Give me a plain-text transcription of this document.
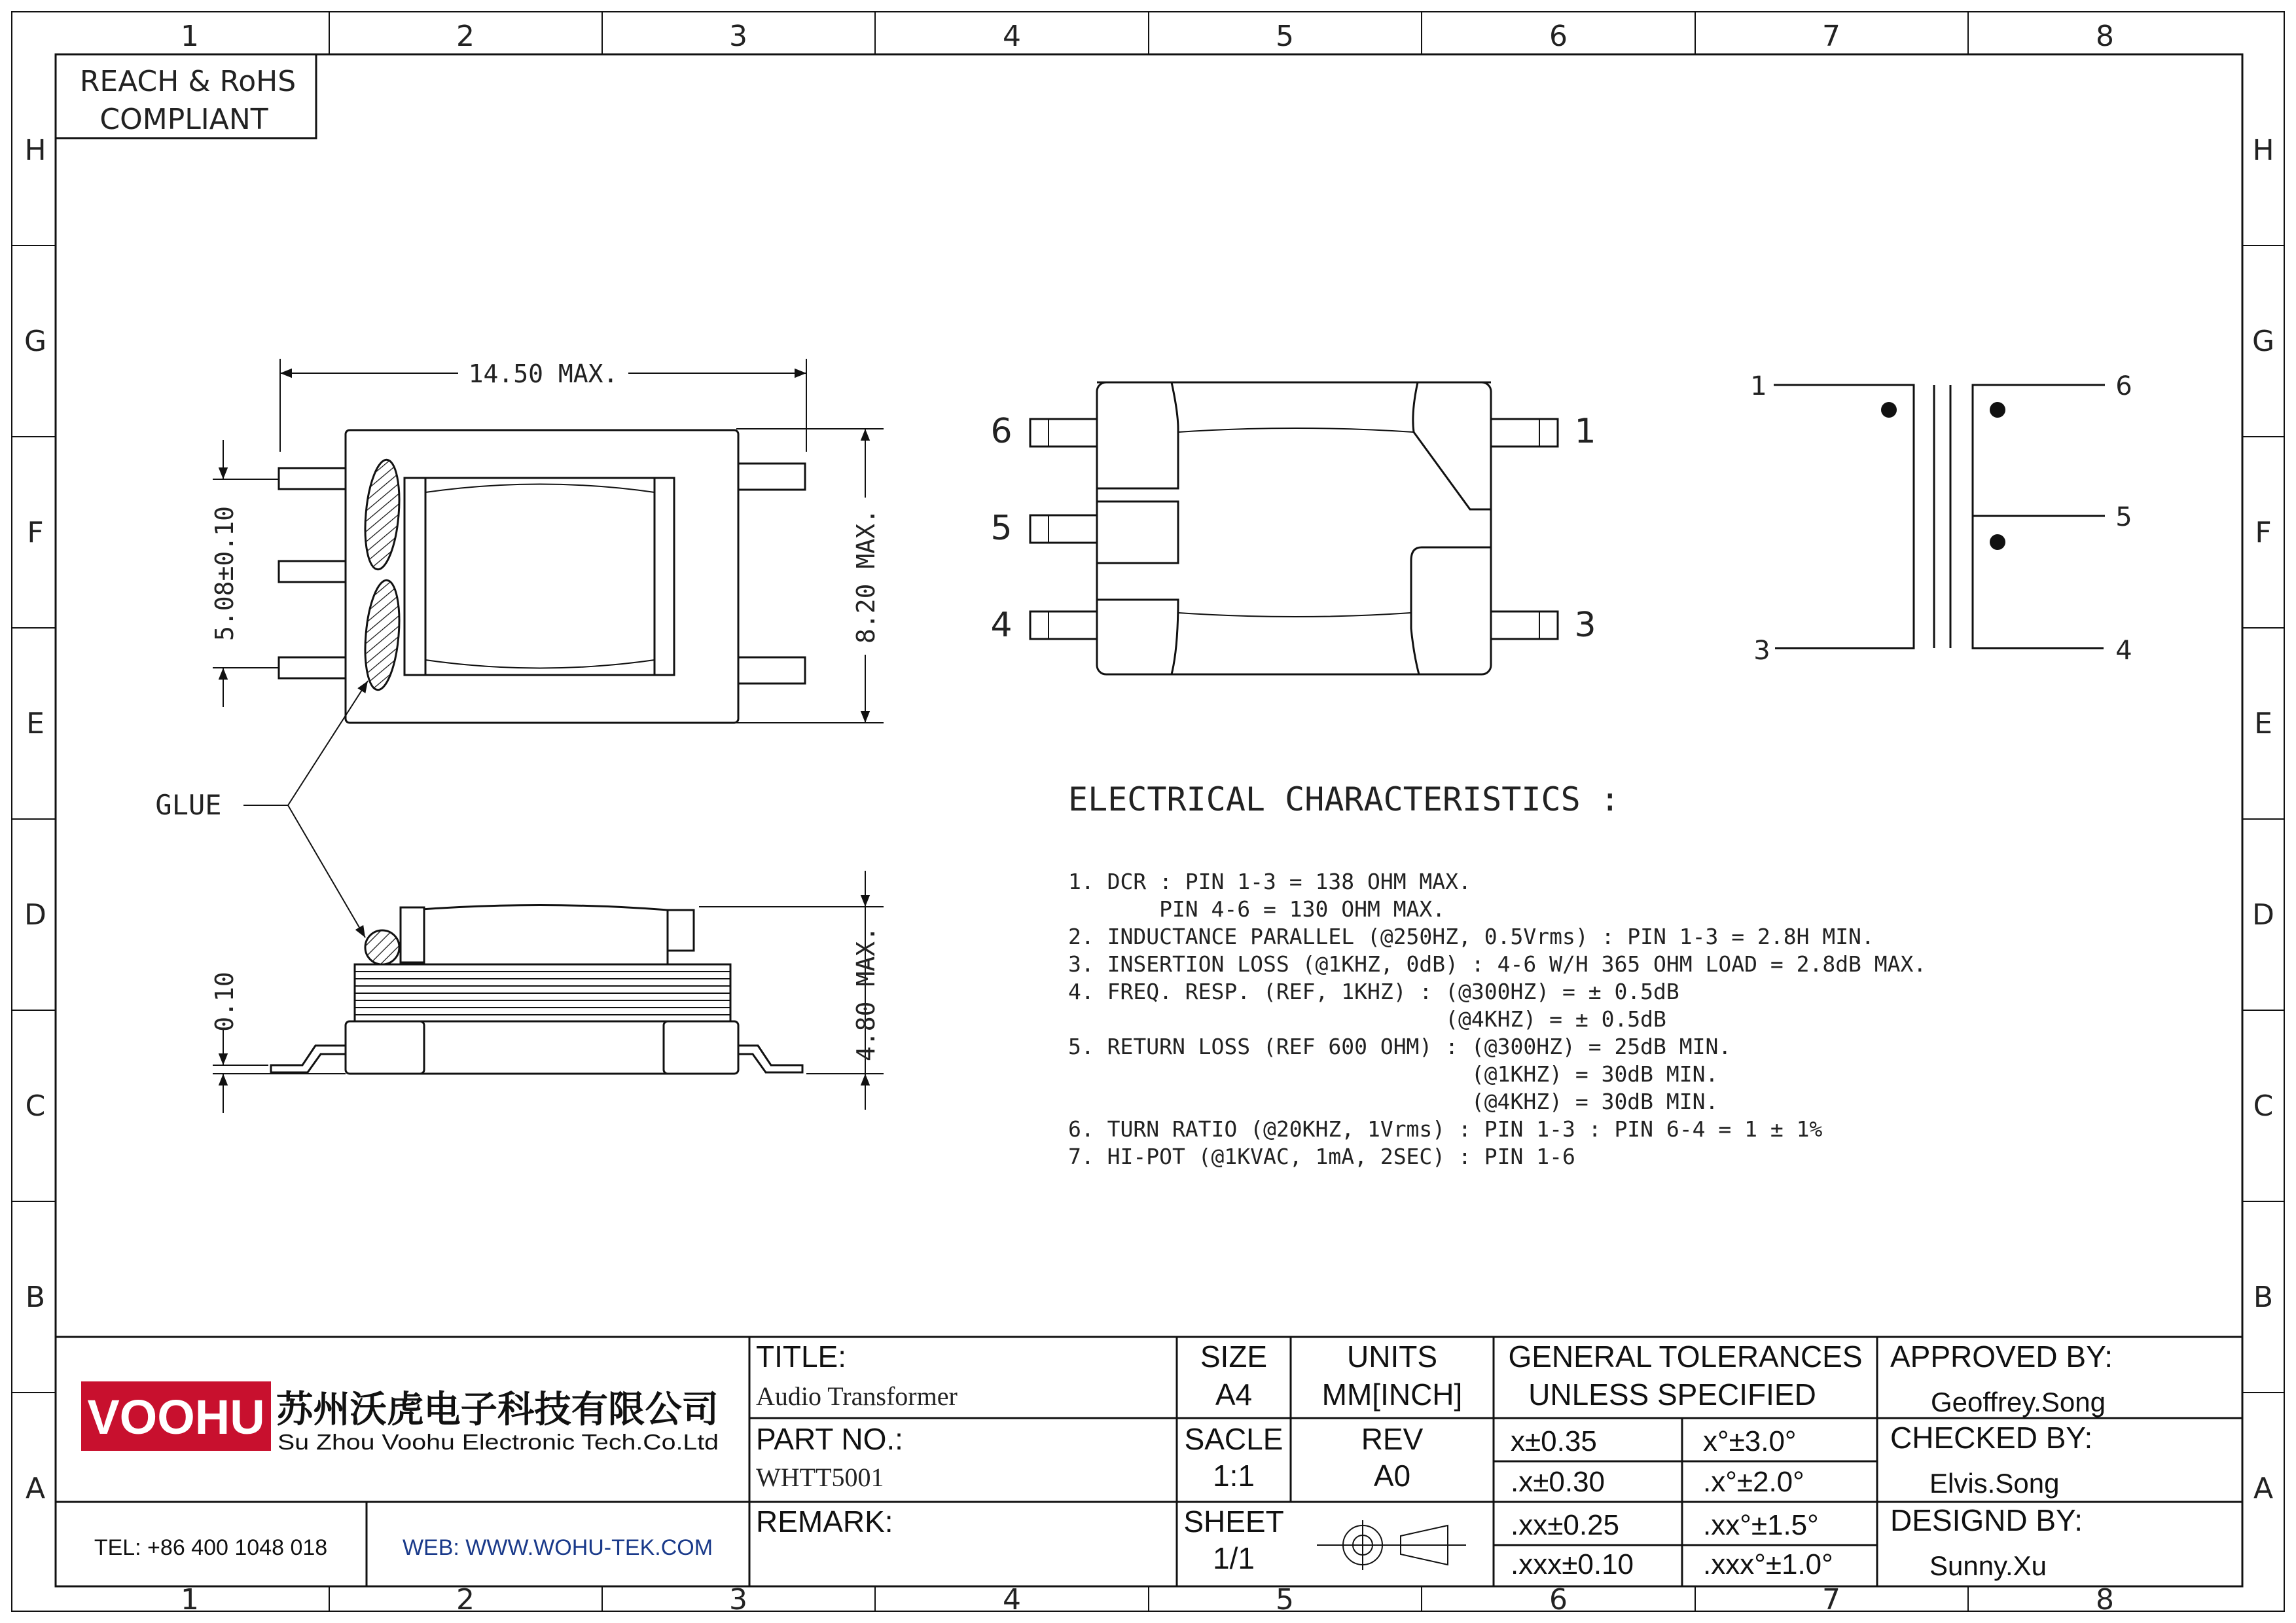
1	2	3	4	5	6	7	8
1	2	3	4	5	6	7	8
H
G
F
E
D
C
B
A
H
G
F
E
D
C
B
A
REACH & RoHS
COMPLIANT
14.50 MAX.
8.20 MAX.
5.08±0.10
GLUE
4.80 MAX.
0.10
6
5
4
1
3
1
3
6
5
4
ELECTRICAL CHARACTERISTICS :
1. DCR : PIN 1-3 = 138 OHM MAX.
PIN 4-6 = 130 OHM MAX.
2. INDUCTANCE PARALLEL (@250HZ, 0.5Vrms) : PIN 1-3 = 2.8H MIN.
3. INSERTION LOSS (@1KHZ, 0dB) : 4-6 W/H 365 OHM LOAD = 2.8dB MAX.
4. FREQ. RESP. (REF, 1KHZ) : (@300HZ) = ± 0.5dB
(@4KHZ) = ± 0.5dB
5. RETURN LOSS (REF 600 OHM) : (@300HZ) = 25dB MIN.
(@1KHZ) = 30dB MIN.
(@4KHZ) = 30dB MIN.
6. TURN RATIO (@20KHZ, 1Vrms) : PIN 1-3 : PIN 6-4 = 1 ± 1%
7. HI-POT (@1KVAC, 1mA, 2SEC) : PIN 1-6
VOOHU 苏州沃虎电子科技有限公司
Su Zhou Voohu Electronic Tech.Co.Ltd
TEL: +86 400 1048 018	WEB: WWW.WOHU-TEK.COM
TITLE:
Audio Transformer
PART NO.:
WHTT5001
REMARK:
SIZE
A4
UNITS
MM[INCH]
SACLE
1:1
REV
A0
SHEET
1/1
GENERAL TOLERANCES
UNLESS SPECIFIED
x±0.35	x°±3.0°
.x±0.30	.x°±2.0°
.xx±0.25	.xx°±1.5°
.xxx±0.10 .xxx°±1.0°
APPROVED BY:
Geoffrey.Song
CHECKED BY:
Elvis.Song
DESIGND BY:
Sunny.Xu
